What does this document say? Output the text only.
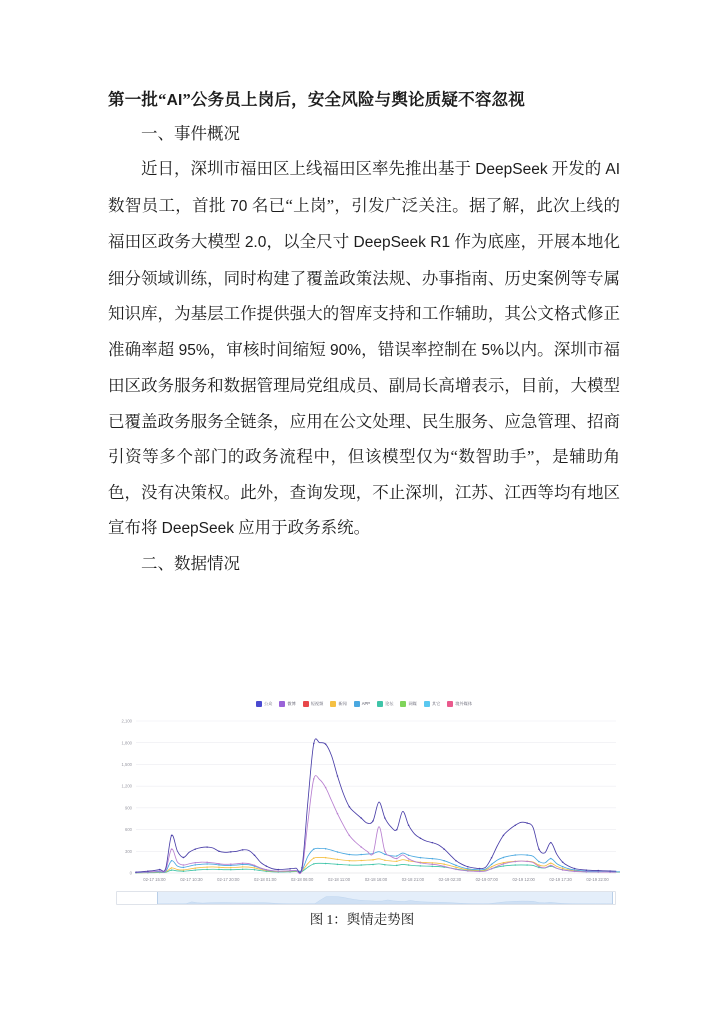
第一批“AI”公务员上岗后，安全风险与舆论质疑不容忽视
一、事件概况

近日，深圳市福田区上线福田区率先推出基于 DeepSeek 开发的 AI 数智员工，首批 70 名已“上岗”，引发广泛关注。据了解，此次上线的 福田区政务大模型 2.0，以全尺寸 DeepSeek R1 作为底座，开展本地化细分领域训练，同时构建了覆盖政策法规、办事指南、历史案例等专属知识库，为基层工作提供强大的智库支持和工作辅助，其公文格式修正准确率超 95%，审核时间缩短 90%，错误率控制在 5%以内。深圳市福田区政务服务和数据管理局党组成员、副局长高增表示，目前，大模型已覆盖政务服务全链条，应用在公文处理、民生服务、应急管理、招商引资等多个部门的政务流程中，但该模型仅为“数智助手”，是辅助角色，没有决策权。此外，查询发现，不止深圳，江苏、江西等均有地区宣布将 DeepSeek 应用于政务系统。

二、数据情况
公众	微博	短视频	新闻	APP	论坛	网媒	其它	境外媒体
2,100
1,800
1,500
1,200
900
600
300
0
02-17 15:00	02-17 10:30	02-17 20:00	02-18 01:00	02-18 06:00	02-18 11:00	02-18 16:00	02-18 21:00	02-19 02:30	02-19 07:00	02-19 12:00	02-19 17:30	02-19 22:00
图 1：舆情走势图
